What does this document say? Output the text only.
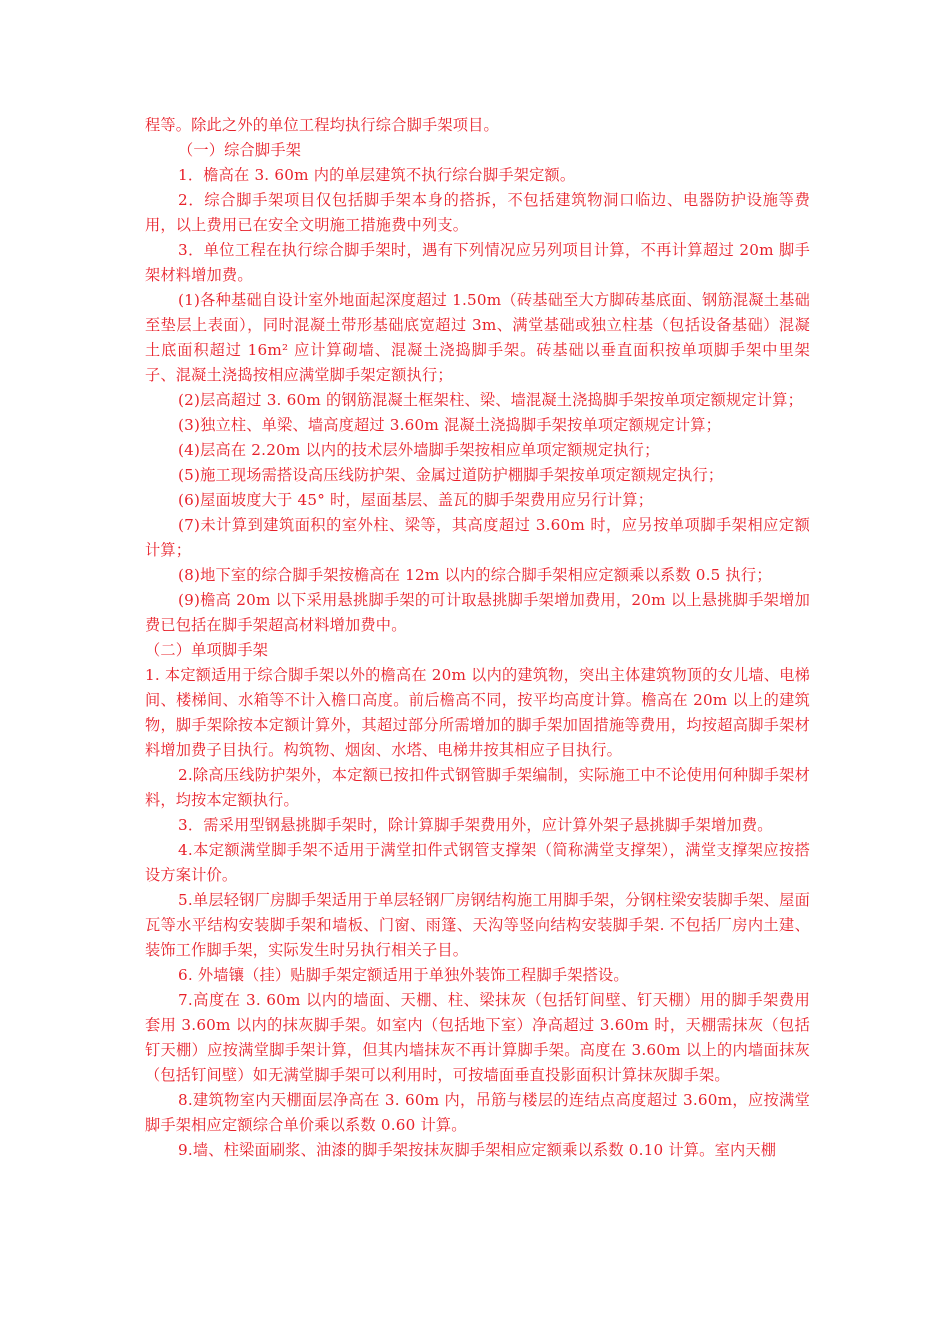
程等。除此之外的单位工程均执行综合脚手架项目。

（一）综合脚手架

1．檐高在 3. 60m 内的单层建筑不执行综台脚手架定额。

2．综合脚手架项目仅包括脚手架本身的搭拆，不包括建筑物洞口临边、电器防护设施等费用，以上费用已在安全文明施工措施费中列支。

3．单位工程在执行综合脚手架时，遇有下列情况应另列项目计算，不再计算超过 20m 脚手架材料增加费。

(1)各种基础自设计室外地面起深度超过 1.50m（砖基础至大方脚砖基底面、钢筋混凝土基础至垫层上表面），同时混凝土带形基础底宽超过 3m、满堂基础或独立柱基（包括设备基础）混凝土底面积超过 16m² 应计算砌墙、混凝土浇捣脚手架。砖基础以垂直面积按单项脚手架中里架子、混凝土浇捣按相应满堂脚手架定额执行；

(2)层高超过 3. 60m 的钢筋混凝土框架柱、梁、墙混凝土浇捣脚手架按单项定额规定计算；

(3)独立柱、单梁、墙高度超过 3.60m 混凝土浇捣脚手架按单项定额规定计算；

(4)层高在 2.20m 以内的技术层外墙脚手架按相应单项定额规定执行；

(5)施工现场需搭设高压线防护架、金属过道防护棚脚手架按单项定额规定执行；

(6)屋面坡度大于 45° 时，屋面基层、盖瓦的脚手架费用应另行计算；

(7)未计算到建筑面积的室外柱、梁等，其高度超过 3.60m 时，应另按单项脚手架相应定额计算；

(8)地下室的综合脚手架按檐高在 12m 以内的综合脚手架相应定额乘以系数 0.5 执行；

(9)檐高 20m 以下采用悬挑脚手架的可计取悬挑脚手架增加费用，20m 以上悬挑脚手架增加费已包括在脚手架超高材料增加费中。

（二）单项脚手架

1. 本定额适用于综合脚手架以外的檐高在 20m 以内的建筑物，突出主体建筑物顶的女儿墙、电梯间、楼梯间、水箱等不计入檐口高度。前后檐高不同，按平均高度计算。檐高在 20m 以上的建筑物，脚手架除按本定额计算外，其超过部分所需增加的脚手架加固措施等费用，均按超高脚手架材料增加费子目执行。构筑物、烟囱、水塔、电梯井按其相应子目执行。

2.除高压线防护架外，本定额已按扣件式钢管脚手架编制，实际施工中不论使用何种脚手架材料，均按本定额执行。

3．需采用型钢悬挑脚手架时，除计算脚手架费用外，应计算外架子悬挑脚手架增加费。

4.本定额满堂脚手架不适用于满堂扣件式钢管支撑架（简称满堂支撑架），满堂支撑架应按搭设方案计价。

5.单层轻钢厂房脚手架适用于单层轻钢厂房钢结构施工用脚手架，分钢柱梁安装脚手架、屋面瓦等水平结构安装脚手架和墙板、门窗、雨篷、天沟等竖向结构安装脚手架. 不包括厂房内土建、装饰工作脚手架，实际发生时另执行相关子目。

6. 外墙镶（挂）贴脚手架定额适用于单独外装饰工程脚手架搭设。

7.高度在 3. 60m 以内的墙面、天棚、柱、梁抹灰（包括钉间壁、钉天棚）用的脚手架费用套用 3.60m 以内的抹灰脚手架。如室内（包括地下室）净高超过 3.60m 时，天棚需抹灰（包括钉天棚）应按满堂脚手架计算，但其内墙抹灰不再计算脚手架。高度在 3.60m 以上的内墙面抹灰（包括钉间壁）如无满堂脚手架可以利用时，可按墙面垂直投影面积计算抹灰脚手架。

8.建筑物室内天棚面层净高在 3. 60m 内，吊筋与楼层的连结点高度超过 3.60m，应按满堂脚手架相应定额综合单价乘以系数 0.60 计算。

9.墙、柱梁面刷浆、油漆的脚手架按抹灰脚手架相应定额乘以系数 0.10 计算。室内天棚
